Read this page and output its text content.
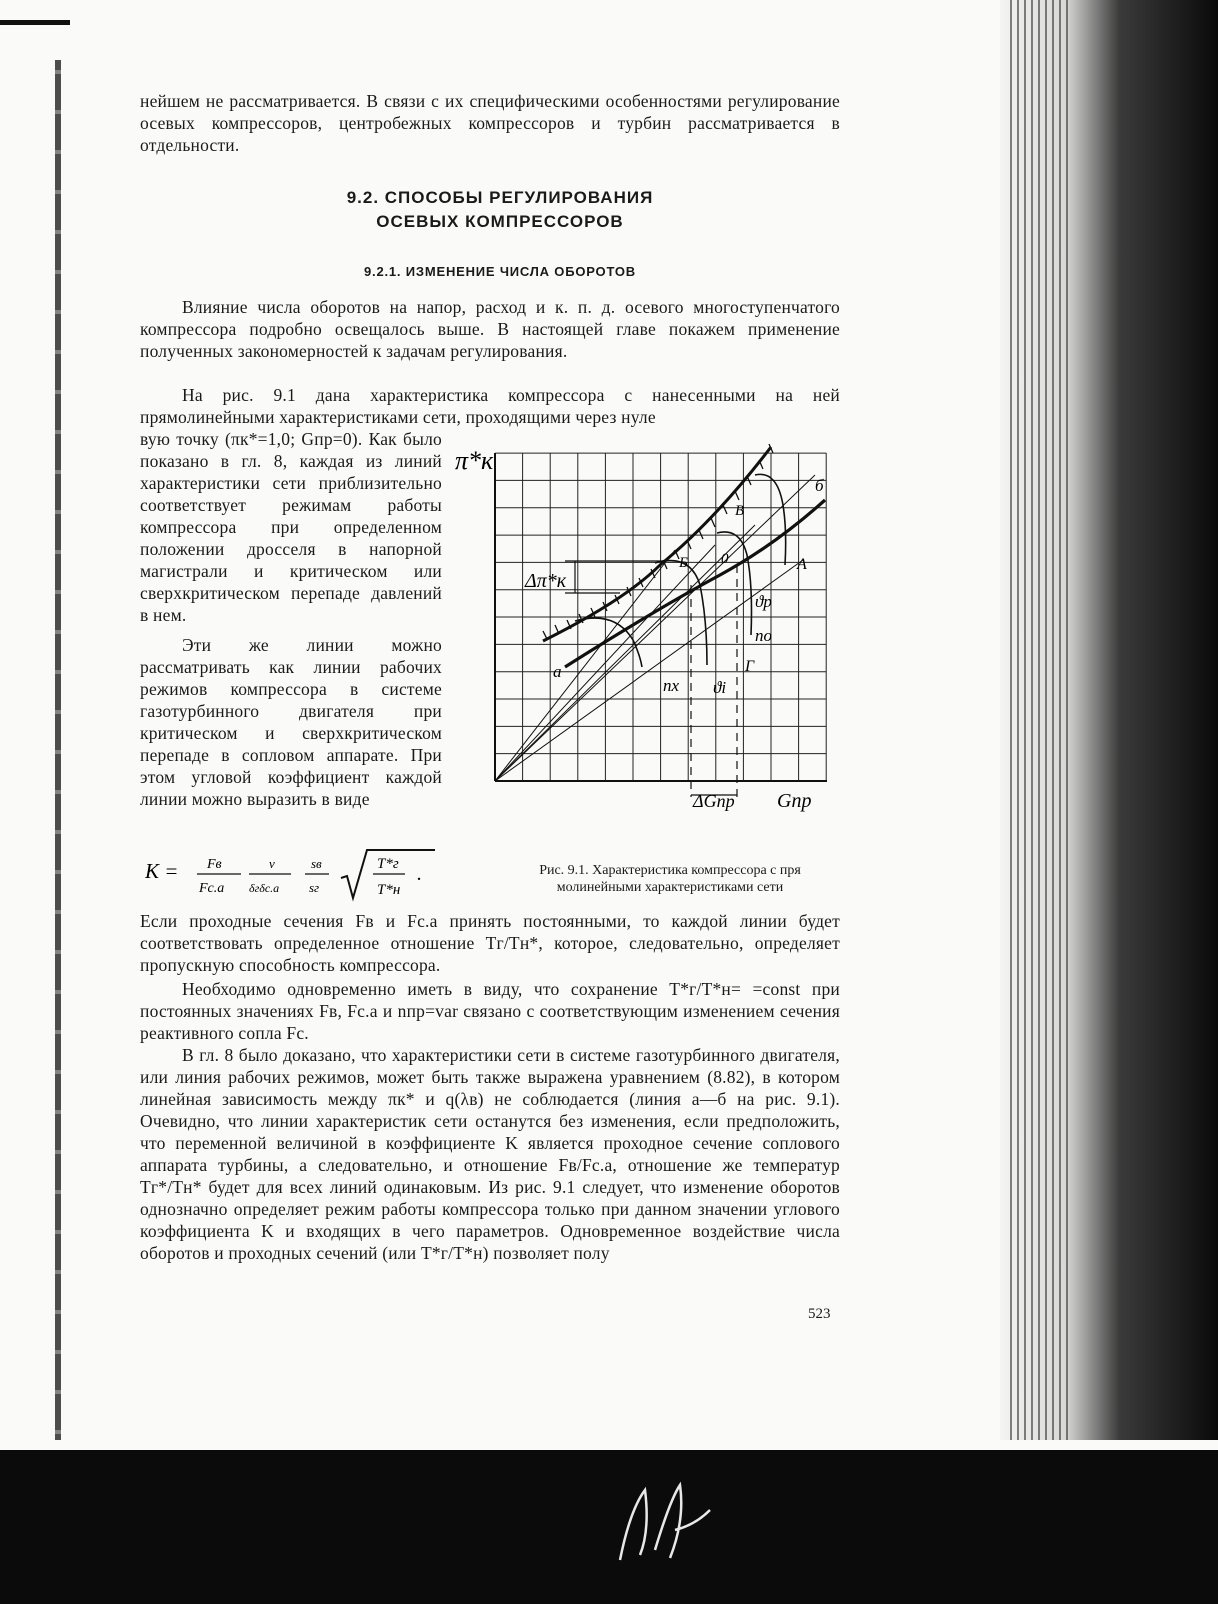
нейшем не рассматривается. В связи с их специфическими особенностями регулирование осевых компрессоров, центробежных компрессоров и турбин рассматривается в отдельности.

9.2. СПОСОБЫ РЕГУЛИРОВАНИЯ
ОСЕВЫХ КОМПРЕССОРОВ
9.2.1. ИЗМЕНЕНИЕ ЧИСЛА ОБОРОТОВ

Влияние числа оборотов на напор, расход и к. п. д. осевого многоступенчатого компрессора подробно освещалось выше. В настоящей главе покажем применение полученных закономерностей к задачам регулирования.

На рис. 9.1 дана характеристика компрессора с нанесенными на ней прямолинейными характеристиками сети, проходящими через нуле

вую точку (πк*=1,0; Gпр=0). Как было показано в гл. 8, каждая из линий характеристики сети приблизительно соответствует режимам работы компрессора при определенном положении дросселя в напорной магистрали и критическом или сверхкритическом перепаде давлений в нем.

Эти же линии можно рассматривать как линии рабочих режимов компрессора в системе газотурбинного двигателя при критическом и сверхкритическом перепаде в сопловом аппарате. При этом угловой коэффициент каждой линии можно выразить в виде

K = Fв
Fс.а
ν
δгδс.а
sв
sг
T*г
T*н
.
π*к
Gпр
Δπ*к
ΔGпр
б
В
Б 0	А
ϑр
nо
Г
а
nх ϑi
Рис. 9.1. Характеристика компрессора с пря
молинейными характеристиками сети

Если проходные сечения Fв и Fс.а принять постоянными, то каждой линии будет соответствовать определенное отношение Tг/Tн*, которое, следовательно, определяет пропускную способность компрессора.

Необходимо одновременно иметь в виду, что сохранение T*г/T*н= =const при постоянных значениях Fв, Fс.а и nпр=var связано с соответствующим изменением сечения реактивного сопла Fс.

В гл. 8 было доказано, что характеристики сети в системе газотурбинного двигателя, или линия рабочих режимов, может быть также выражена уравнением (8.82), в котором линейная зависимость между πк* и q(λв) не соблюдается (линия а—б на рис. 9.1). Очевидно, что линии характеристик сети останутся без изменения, если предположить, что переменной величиной в коэффициенте K является проходное сечение соплового аппарата турбины, а следовательно, и отношение Fв/Fс.а, отношение же температур Tг*/Tн* будет для всех линий одинаковым. Из рис. 9.1 следует, что изменение оборотов однозначно определяет режим работы компрессора только при данном значении углового коэффициента K и входящих в чего параметров. Одновременное воздействие числа оборотов и проходных сечений (или T*г/T*н) позволяет полу

523
